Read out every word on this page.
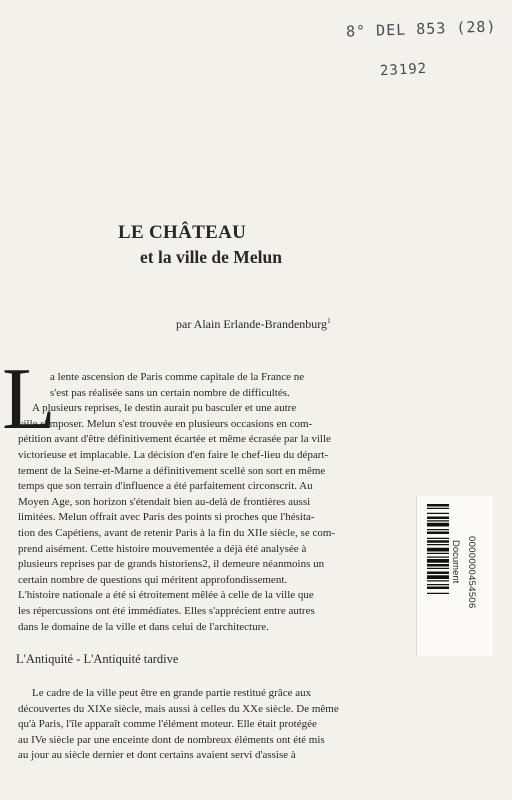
8° DEL 853 (28)
23192
LE CHÂTEAU
et la ville de Melun
par Alain Erlande-Brandenburg$^1$
L
a lente ascension de Paris comme capitale de la France ne
s'est pas réalisée sans un certain nombre de difficultés.
A plusieurs reprises, le destin aurait pu basculer et une autre
ville s'imposer. Melun s'est trouvée en plusieurs occasions en com-
pétition avant d'être définitivement écartée et même écrasée par la ville
victorieuse et implacable. La décision d'en faire le chef-lieu du départ-
tement de la Seine-et-Marne a définitivement scellé son sort en même
temps que son terrain d'influence a été parfaitement circonscrit. Au
Moyen Age, son horizon s'étendait bien au-delà de frontières aussi
limitées. Melun offrait avec Paris des points si proches que l'hésita-
tion des Capétiens, avant de retenir Paris à la fin du XIIe siècle, se com-
prend aisément. Cette histoire mouvementée a déjà été analysée à
plusieurs reprises par de grands historiens2, il demeure néanmoins un
certain nombre de questions qui méritent approfondissement.
L'histoire nationale a été si étroitement mêlée à celle de la ville que
les répercussions ont été immédiates. Elles s'apprécient entre autres
dans le domaine de la ville et dans celui de l'architecture.
L'Antiquité - L'Antiquité tardive
Le cadre de la ville peut être en grande partie restitué grâce aux
découvertes du XIXe siècle, mais aussi à celles du XXe siècle. De même
qu'à Paris, l'île apparaît comme l'élément moteur. Elle était protégée
au IVe siècle par une enceinte dont de nombreux éléments ont été mis
au jour au siècle dernier et dont certains avaient servi d'assise à
Document 0000000454506
